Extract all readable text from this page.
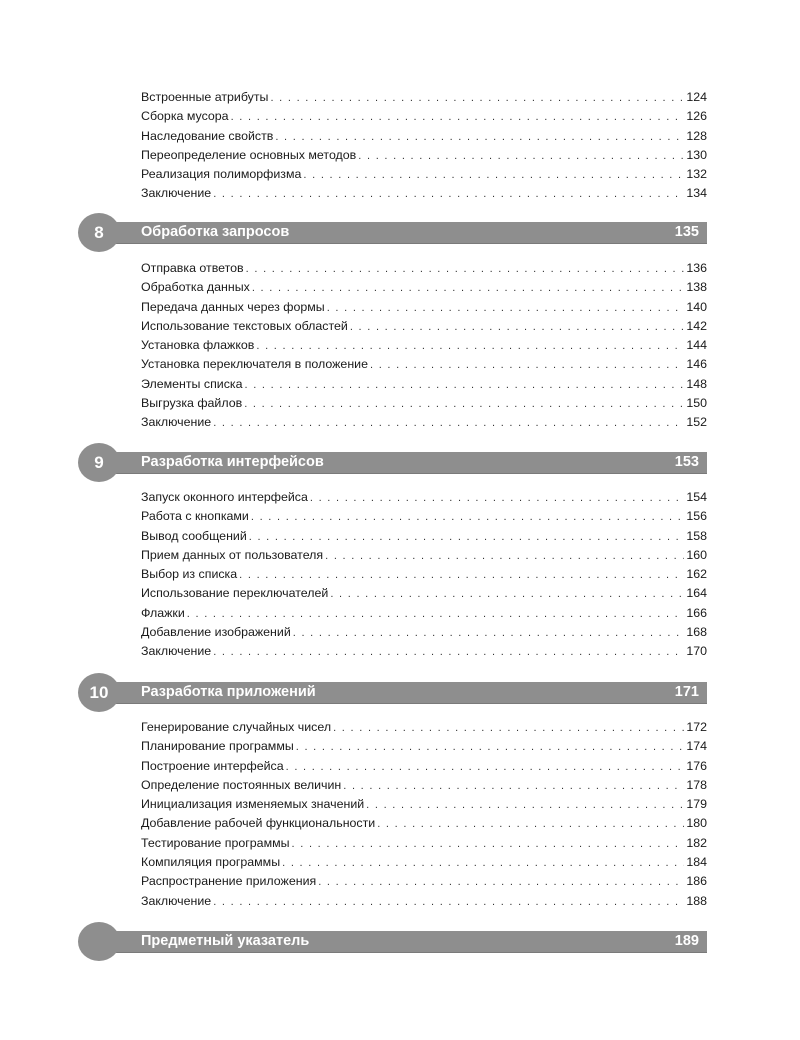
Встроенные атрибуты . . .	124
Сборка мусора . . .	126
Наследование свойств . . .	128
Переопределение основных методов . . .	130
Реализация полиморфизма . . .	132
Заключение . . .	134
8	Обработка запросов	135
Отправка ответов . . .	136
Обработка данных . . .	138
Передача данных через формы . . .	140
Использование текстовых областей . . .	142
Установка флажков . . .	144
Установка переключателя в положение . . .	146
Элементы списка . . .	148
Выгрузка файлов . . .	150
Заключение . . .	152
9	Разработка интерфейсов	153
Запуск оконного интерфейса . . .	154
Работа с кнопками . . .	156
Вывод сообщений . . .	158
Прием данных от пользователя . . .	160
Выбор из списка . . .	162
Использование переключателей . . .	164
Флажки . . .	166
Добавление изображений . . .	168
Заключение . . .	170
10 Разработка приложений	171
Генерирование случайных чисел . . .	172
Планирование программы . . .	174
Построение интерфейса . . .	176
Определение постоянных величин . . .	178
Инициализация изменяемых значений . . .	179
Добавление рабочей функциональности . . .	180
Тестирование программы . . .	182
Компиляция программы . . .	184
Распространение приложения . . .	186
Заключение . . .	188
Предметный указатель	189
